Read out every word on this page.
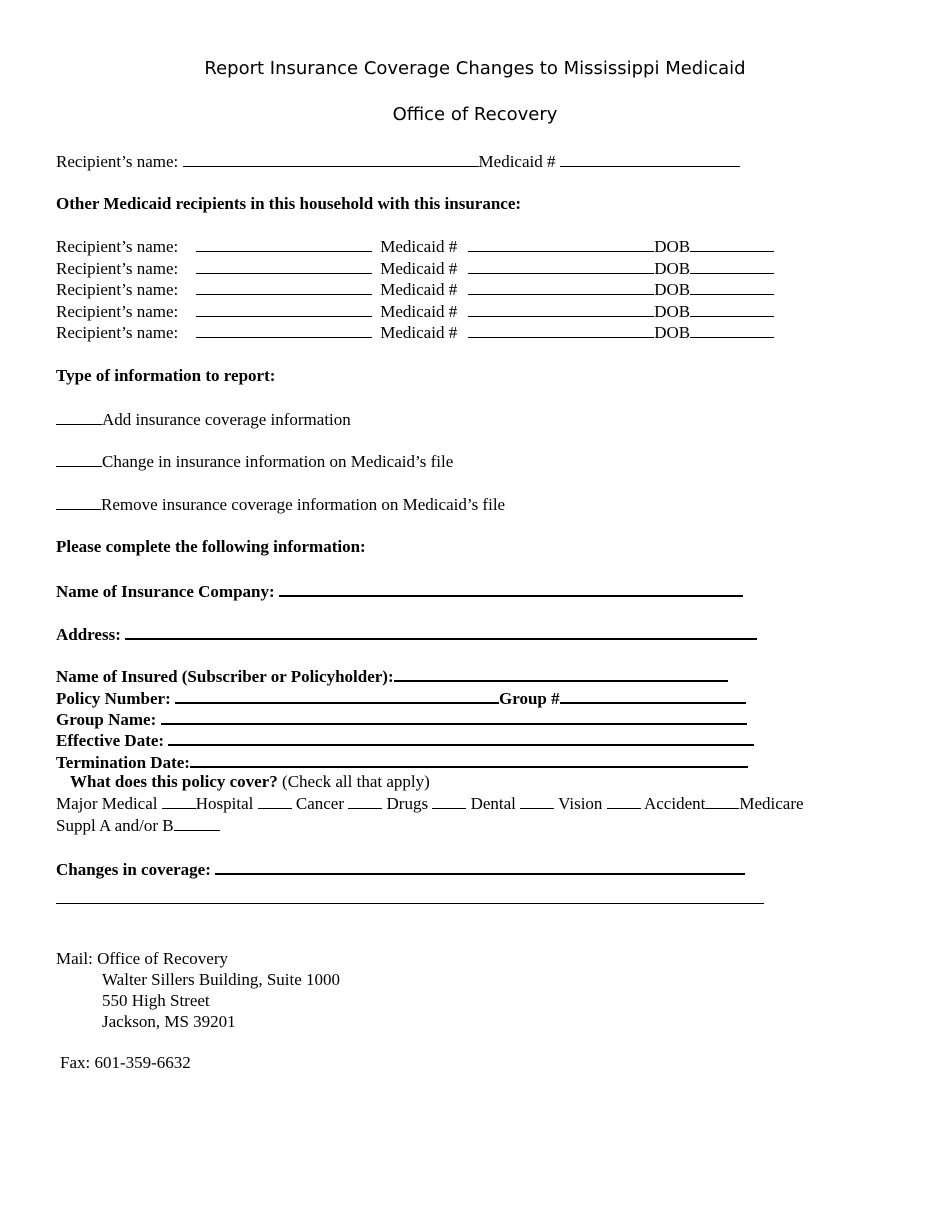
Report Insurance Coverage Changes to Mississippi Medicaid
Office of Recovery
Recipient’s name:	Medicaid #
Other Medicaid recipients in this household with this insurance:
Recipient’s name:	Medicaid #	DOB
Recipient’s name:	Medicaid #	DOB
Recipient’s name:	Medicaid #	DOB
Recipient’s name:	Medicaid #	DOB
Recipient’s name:	Medicaid #	DOB
Type of information to report:
Add insurance coverage information
Change in insurance information on Medicaid’s file
Remove insurance coverage information on Medicaid’s file
Please complete the following information:
Name of Insurance Company:
Address:
Name of Insured (Subscriber or Policyholder):
Policy Number:	Group #
Group Name:
Effective Date:
Termination Date:
What does this policy cover? (Check all that apply)
Major Medical Hospital	Cancer	Drugs	Dental Vision Accident Medicare
Suppl A and/or B
Changes in coverage:
Mail: Office of Recovery
Walter Sillers Building, Suite 1000
550 High Street
Jackson, MS 39201
Fax: 601-359-6632
